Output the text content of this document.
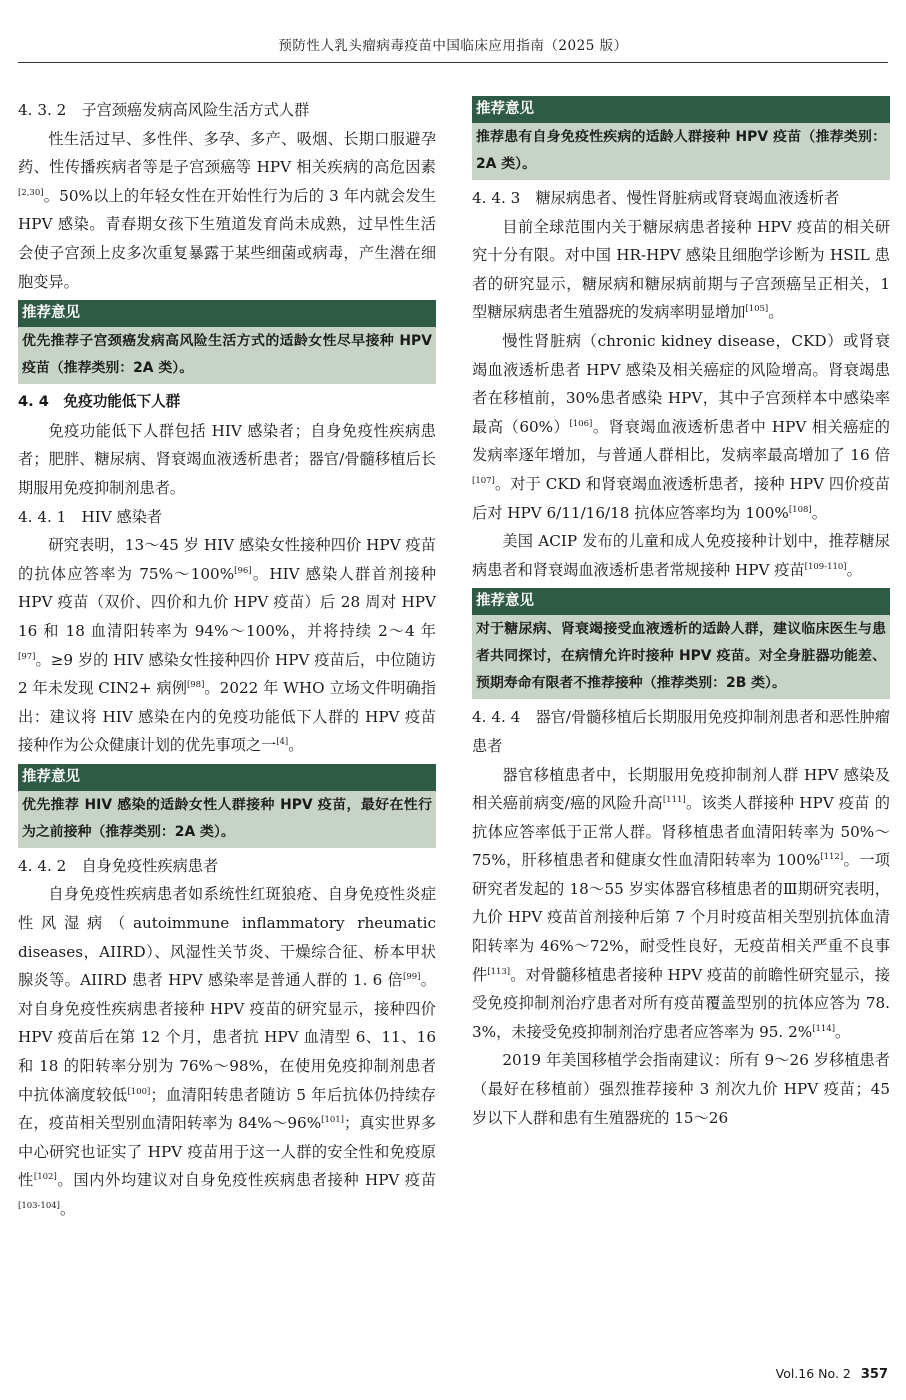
预防性人乳头瘤病毒疫苗中国临床应用指南（2025 版）

4. 3. 2　子宫颈癌发病高风险生活方式人群

性生活过早、多性伴、多孕、多产、吸烟、长期口服避孕药、性传播疾病者等是子宫颈癌等 HPV 相关疾病的高危因素[2,30]。50%以上的年轻女性在开始性行为后的 3 年内就会发生 HPV 感染。青春期女孩下生殖道发育尚未成熟，过早性生活会使子宫颈上皮多次重复暴露于某些细菌或病毒，产生潜在细胞变异。

推荐意见
优先推荐子宫颈癌发病高风险生活方式的适龄女性尽早接种 HPV 疫苗（推荐类别：2A 类）。

4. 4　免疫功能低下人群

免疫功能低下人群包括 HIV 感染者；自身免疫性疾病患者；肥胖、糖尿病、肾衰竭血液透析患者；器官/骨髓移植后长期服用免疫抑制剂患者。

4. 4. 1　HIV 感染者

研究表明，13～45 岁 HIV 感染女性接种四价 HPV 疫苗的抗体应答率为 75%～100%[96]。HIV 感染人群首剂接种 HPV 疫苗（双价、四价和九价 HPV 疫苗）后 28 周对 HPV 16 和 18 血清阳转率为 94%～100%，并将持续 2～4 年[97]。≥9 岁的 HIV 感染女性接种四价 HPV 疫苗后，中位随访 2 年未发现 CIN2+ 病例[98]。2022 年 WHO 立场文件明确指出：建议将 HIV 感染在内的免疫功能低下人群的 HPV 疫苗接种作为公众健康计划的优先事项之一[4]。

推荐意见
优先推荐 HIV 感染的适龄女性人群接种 HPV 疫苗，最好在性行为之前接种（推荐类别：2A 类）。

4. 4. 2　自身免疫性疾病患者

自身免疫性疾病患者如系统性红斑狼疮、自身免疫性炎症性风湿病（autoimmune inflammatory rheumatic diseases，AIIRD）、风湿性关节炎、干燥综合征、桥本甲状腺炎等。AIIRD 患者 HPV 感染率是普通人群的 1. 6 倍[99]。对自身免疫性疾病患者接种 HPV 疫苗的研究显示，接种四价 HPV 疫苗后在第 12 个月，患者抗 HPV 血清型 6、11、16 和 18 的阳转率分别为 76%～98%，在使用免疫抑制剂患者中抗体滴度较低[100]；血清阳转患者随访 5 年后抗体仍持续存在，疫苗相关型别血清阳转率为 84%～96%[101]；真实世界多中心研究也证实了 HPV 疫苗用于这一人群的安全性和免疫原性[102]。国内外均建议对自身免疫性疾病患者接种 HPV 疫苗[103-104]。

推荐意见
推荐患有自身免疫性疾病的适龄人群接种 HPV 疫苗（推荐类别：2A 类）。

4. 4. 3　糖尿病患者、慢性肾脏病或肾衰竭血液透析者

目前全球范围内关于糖尿病患者接种 HPV 疫苗的相关研究十分有限。对中国 HR-HPV 感染且细胞学诊断为 HSIL 患者的研究显示，糖尿病和糖尿病前期与子宫颈癌呈正相关，1 型糖尿病患者生殖器疣的发病率明显增加[105]。

慢性肾脏病（chronic kidney disease，CKD）或肾衰竭血液透析患者 HPV 感染及相关癌症的风险增高。肾衰竭患者在移植前，30%患者感染 HPV，其中子宫颈样本中感染率最高（60%）[106]。肾衰竭血液透析患者中 HPV 相关癌症的发病率逐年增加，与普通人群相比，发病率最高增加了 16 倍[107]。对于 CKD 和肾衰竭血液透析患者，接种 HPV 四价疫苗后对 HPV 6/11/16/18 抗体应答率均为 100%[108]。

美国 ACIP 发布的儿童和成人免疫接种计划中，推荐糖尿病患者和肾衰竭血液透析患者常规接种 HPV 疫苗[109-110]。

推荐意见
对于糖尿病、肾衰竭接受血液透析的适龄人群，建议临床医生与患者共同探讨，在病情允许时接种 HPV 疫苗。对全身脏器功能差、预期寿命有限者不推荐接种（推荐类别：2B 类）。

4. 4. 4　器官/骨髓移植后长期服用免疫抑制剂患者和恶性肿瘤患者

器官移植患者中，长期服用免疫抑制剂人群 HPV 感染及相关癌前病变/癌的风险升高[111]。该类人群接种 HPV 疫苗 的抗体应答率低于正常人群。肾移植患者血清阳转率为 50%～75%，肝移植患者和健康女性血清阳转率为 100%[112]。一项研究者发起的 18～55 岁实体器官移植患者的Ⅲ期研究表明，九价 HPV 疫苗首剂接种后第 7 个月时疫苗相关型别抗体血清阳转率为 46%～72%，耐受性良好，无疫苗相关严重不良事件[113]。对骨髓移植患者接种 HPV 疫苗的前瞻性研究显示，接受免疫抑制剂治疗患者对所有疫苗覆盖型别的抗体应答为 78. 3%，未接受免疫抑制剂治疗患者应答率为 95. 2%[114]。

2019 年美国移植学会指南建议：所有 9～26 岁移植患者（最好在移植前）强烈推荐接种 3 剂次九价 HPV 疫苗；45 岁以下人群和患有生殖器疣的 15～26

Vol.16 No. 2 357
